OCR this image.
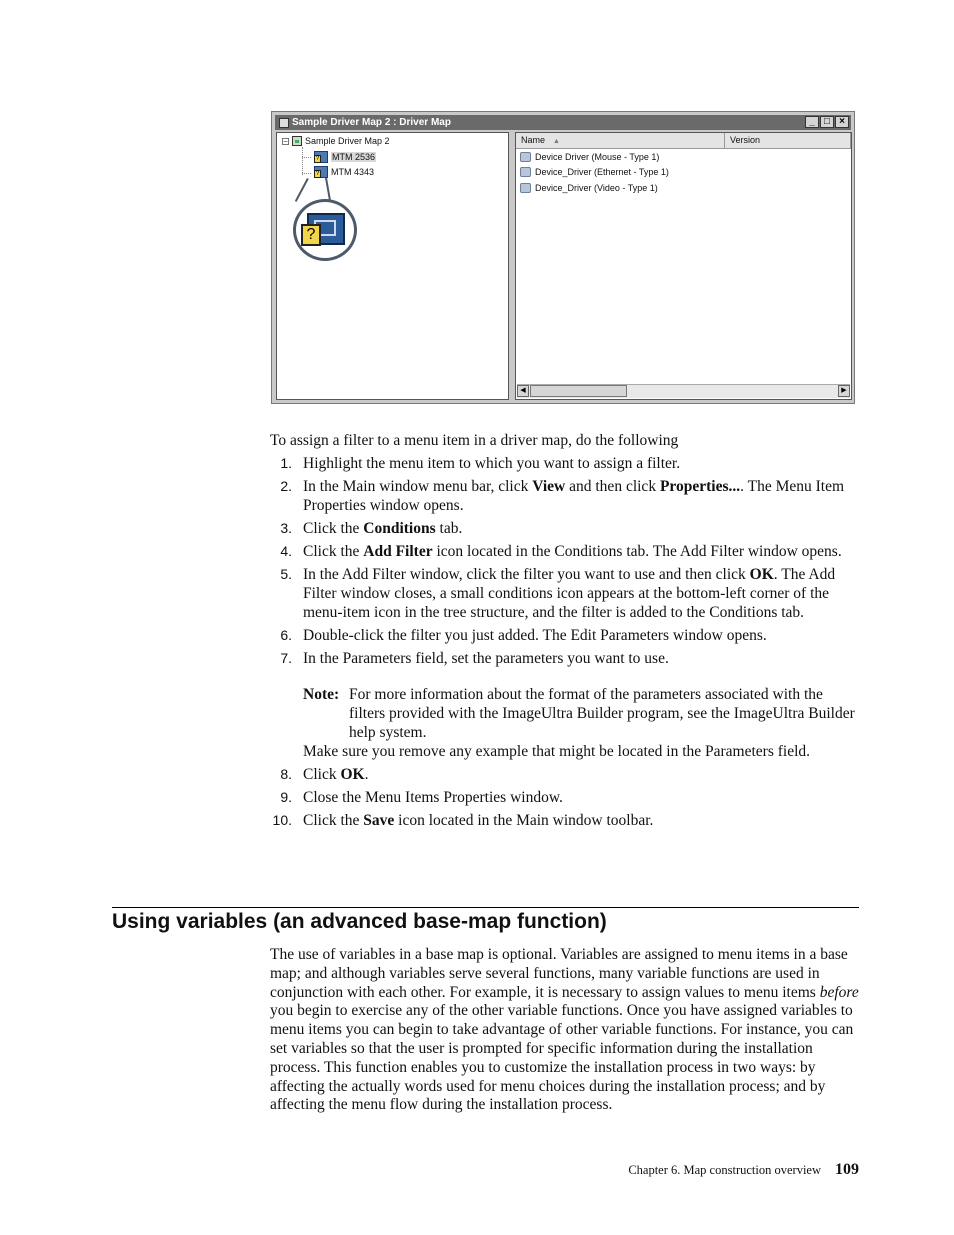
Sample Driver Map 2 : Driver Map	_ □ ×
− Sample Driver Map 2
? MTM 2536
? MTM 4343
?
Name ▲	Version
Device Driver (Mouse - Type 1)
Device_Driver (Ethernet - Type 1)
Device_Driver (Video - Type 1)
◀	▶
To assign a filter to a menu item in a driver map, do the following
1. Highlight the menu item to which you want to assign a filter.
2. In the Main window menu bar, click View and then click Properties.... The Menu Item Properties window opens.
3. Click the Conditions tab.
4. Click the Add Filter icon located in the Conditions tab. The Add Filter window opens.
5. In the Add Filter window, click the filter you want to use and then click OK. The Add Filter window closes, a small conditions icon appears at the bottom-left corner of the menu-item icon in the tree structure, and the filter is added to the Conditions tab.
6. Double-click the filter you just added. The Edit Parameters window opens.
7. In the Parameters field, set the parameters you want to use.
Note: For more information about the format of the parameters associated with the filters provided with the ImageUltra Builder program, see the ImageUltra Builder help system.
Make sure you remove any example that might be located in the Parameters field.
8. Click OK.
9. Close the Menu Items Properties window.
10. Click the Save icon located in the Main window toolbar.
Using variables (an advanced base-map function)
The use of variables in a base map is optional. Variables are assigned to menu items in a base map; and although variables serve several functions, many variable functions are used in conjunction with each other. For example, it is necessary to assign values to menu items before you begin to exercise any of the other variable functions. Once you have assigned variables to menu items you can begin to take advantage of other variable functions. For instance, you can set variables so that the user is prompted for specific information during the installation process. This function enables you to customize the installation process in two ways: by affecting the actually words used for menu choices during the installation process; and by affecting the menu flow during the installation process.
Chapter 6. Map construction overview 109
